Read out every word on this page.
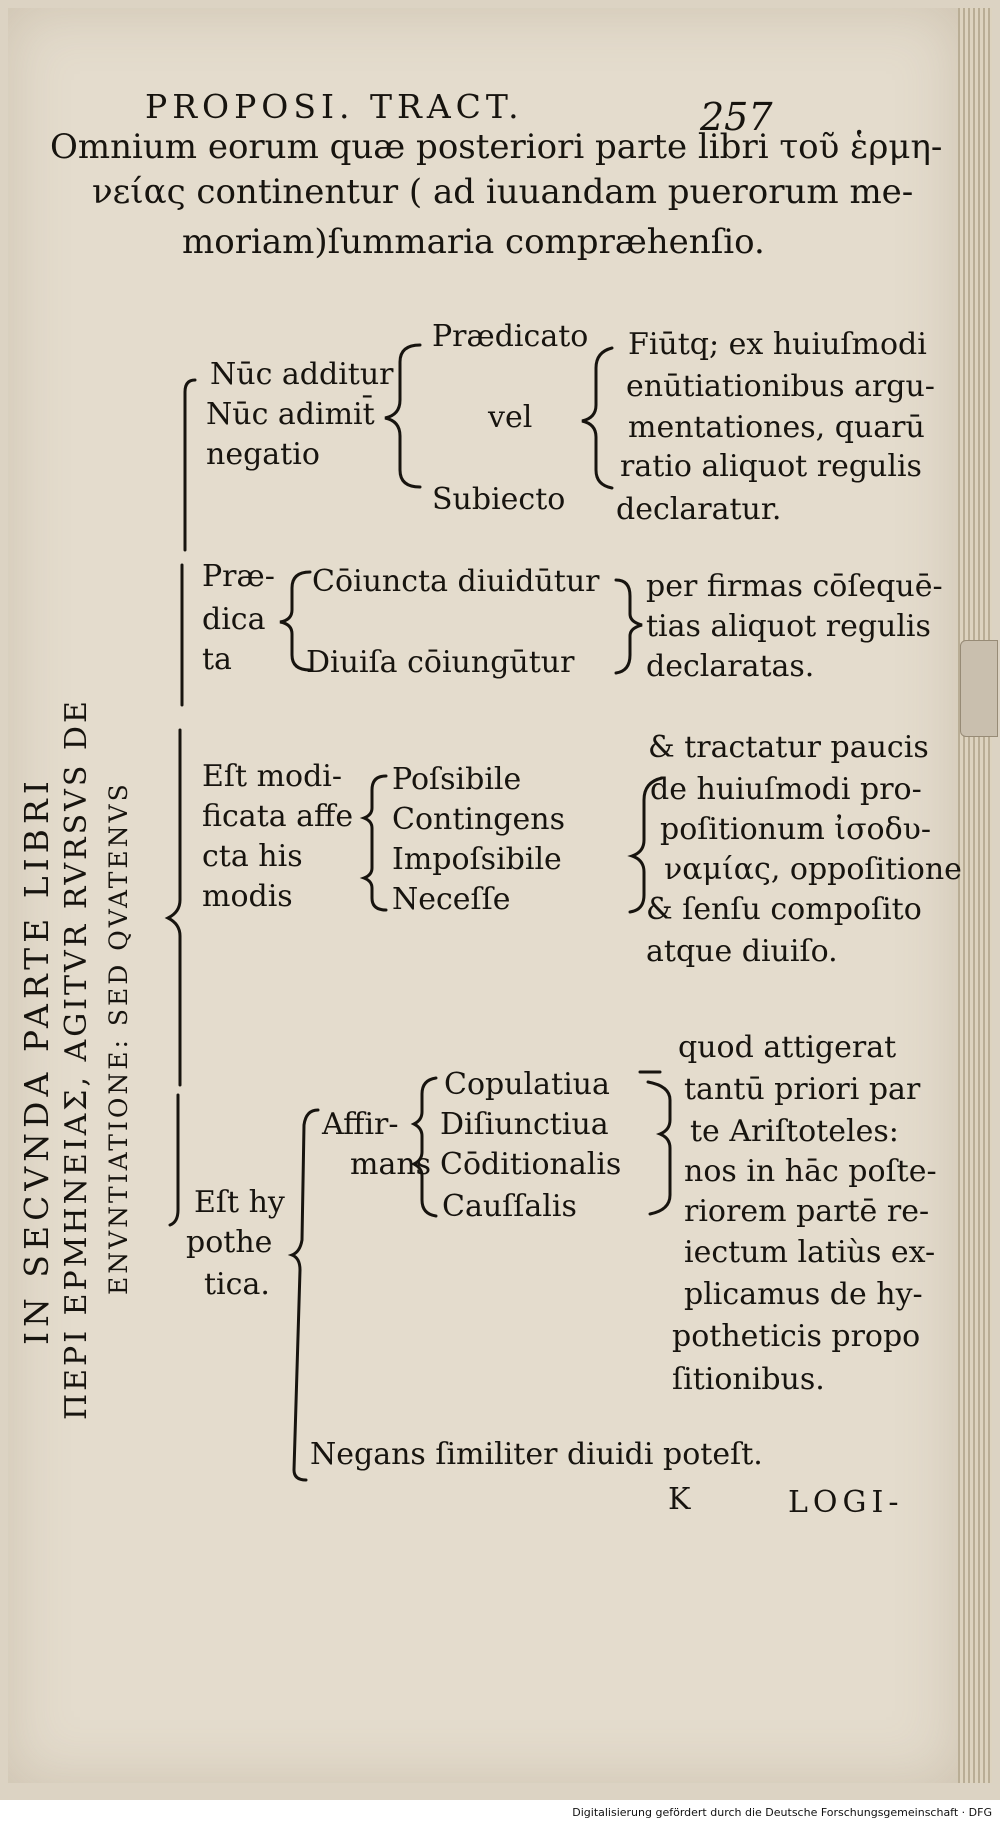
PROPOSI. TRACT.	257
Omnium eorum quæ posteriori parte libri τοῦ ἑρμη-
νείας continentur ( ad iuuandam puerorum me-
moriam)ſummaria compræhenſio.
IN SECVNDA PARTE LIBRI ΠΕΡΙ ΕΡΜΗΝΕΙΑΣ, AGITVR RVRSVS DE ENVNTIATIONE: SED QVATENVS
Nūc additur
Nūc adimit̄
negatio
Prædicato
vel
Subiecto
Fiūtq; ex huiuſmodi
enūtiationibus argu-
mentationes, quarū
ratio aliquot regulis
declaratur.
Præ-
dica
ta
Cōiuncta diuidūtur
Diuiſa cōiungūtur
per firmas cōſequē-
tias aliquot regulis
declaratas.
Eſt modi-
ficata affe
cta his
modis
Poſsibile
Contingens
Impoſsibile
Neceſſe
& tractatur paucis
de huiuſmodi pro-
poſitionum ἰσοδυ-
ναμίας, oppoſitione
& ſenſu compoſito
atque diuiſo.
Eſt hy
pothe
tica.
Affir-
mans
Copulatiua
Diſiunctiua
Cōditionalis
Cauſſalis
quod attigerat
tantū priori par
te Ariſtoteles:
nos in hāc poſte-
riorem partē re-
iectum latiùs ex-
plicamus de hy-
potheticis propo
ſitionibus.
Negans ſimiliter diuidi poteſt.
K	LOGI-
Digitalisierung gefördert durch die Deutsche Forschungsgemeinschaft · DFG
